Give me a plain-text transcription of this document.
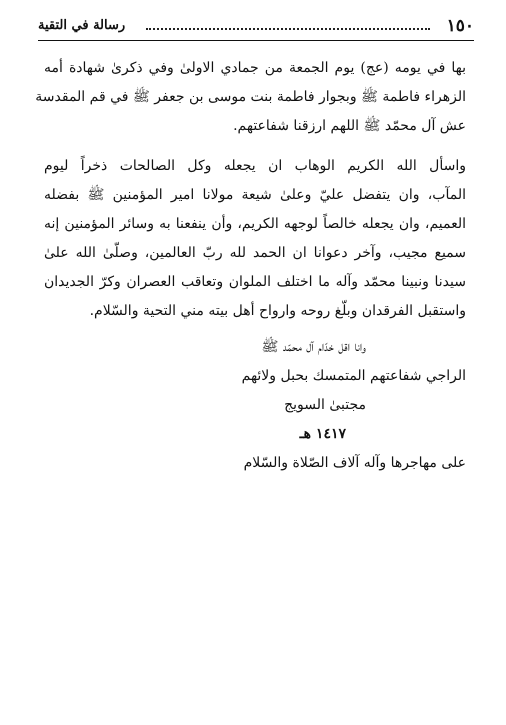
١٥٠
رسالة في التقية
بها في يومه (عج) يوم الجمعة من جمادي الاولىٰ وفي ذكرىٰ شهادة أمه
الزهراء فاطمة ﷺ وبجوار فاطمة بنت موسى بن جعفر ﷺ في قم المقدسة
عش آل محمّد ﷺ اللهم ارزقنا شفاعتهم.
واسأل الله الكريم الوهاب ان يجعله وكل الصالحات ذخراً ليوم
المآب، وان يتفضل عليّ وعلىٰ شيعة مولانا امير المؤمنين ﷺ بفضله
العميم، وان يجعله خالصاً لوجهه الكريم، وأن ينفعنا به وسائر المؤمنين إنه
سميع مجيب، وآخر دعوانا ان الحمد لله ربّ العالمين، وصلّىٰ الله علىٰ
سيدنا ونبينا محمّد وآله ما اختلف الملوان وتعاقب العصران وكرّ الجديدان
واستقبل الفرقدان وبلّغ روحه وارواح أهل بيته مني التحية والسّلام.
وانا اقل خدّام آل محمّد ﷺ
الراجي شفاعتهم المتمسك بحبل ولائهم
مجتبىٰ السويج
١٤١٧ هـ
على مهاجرها وآله آلاف الصّلاة والسّلام
